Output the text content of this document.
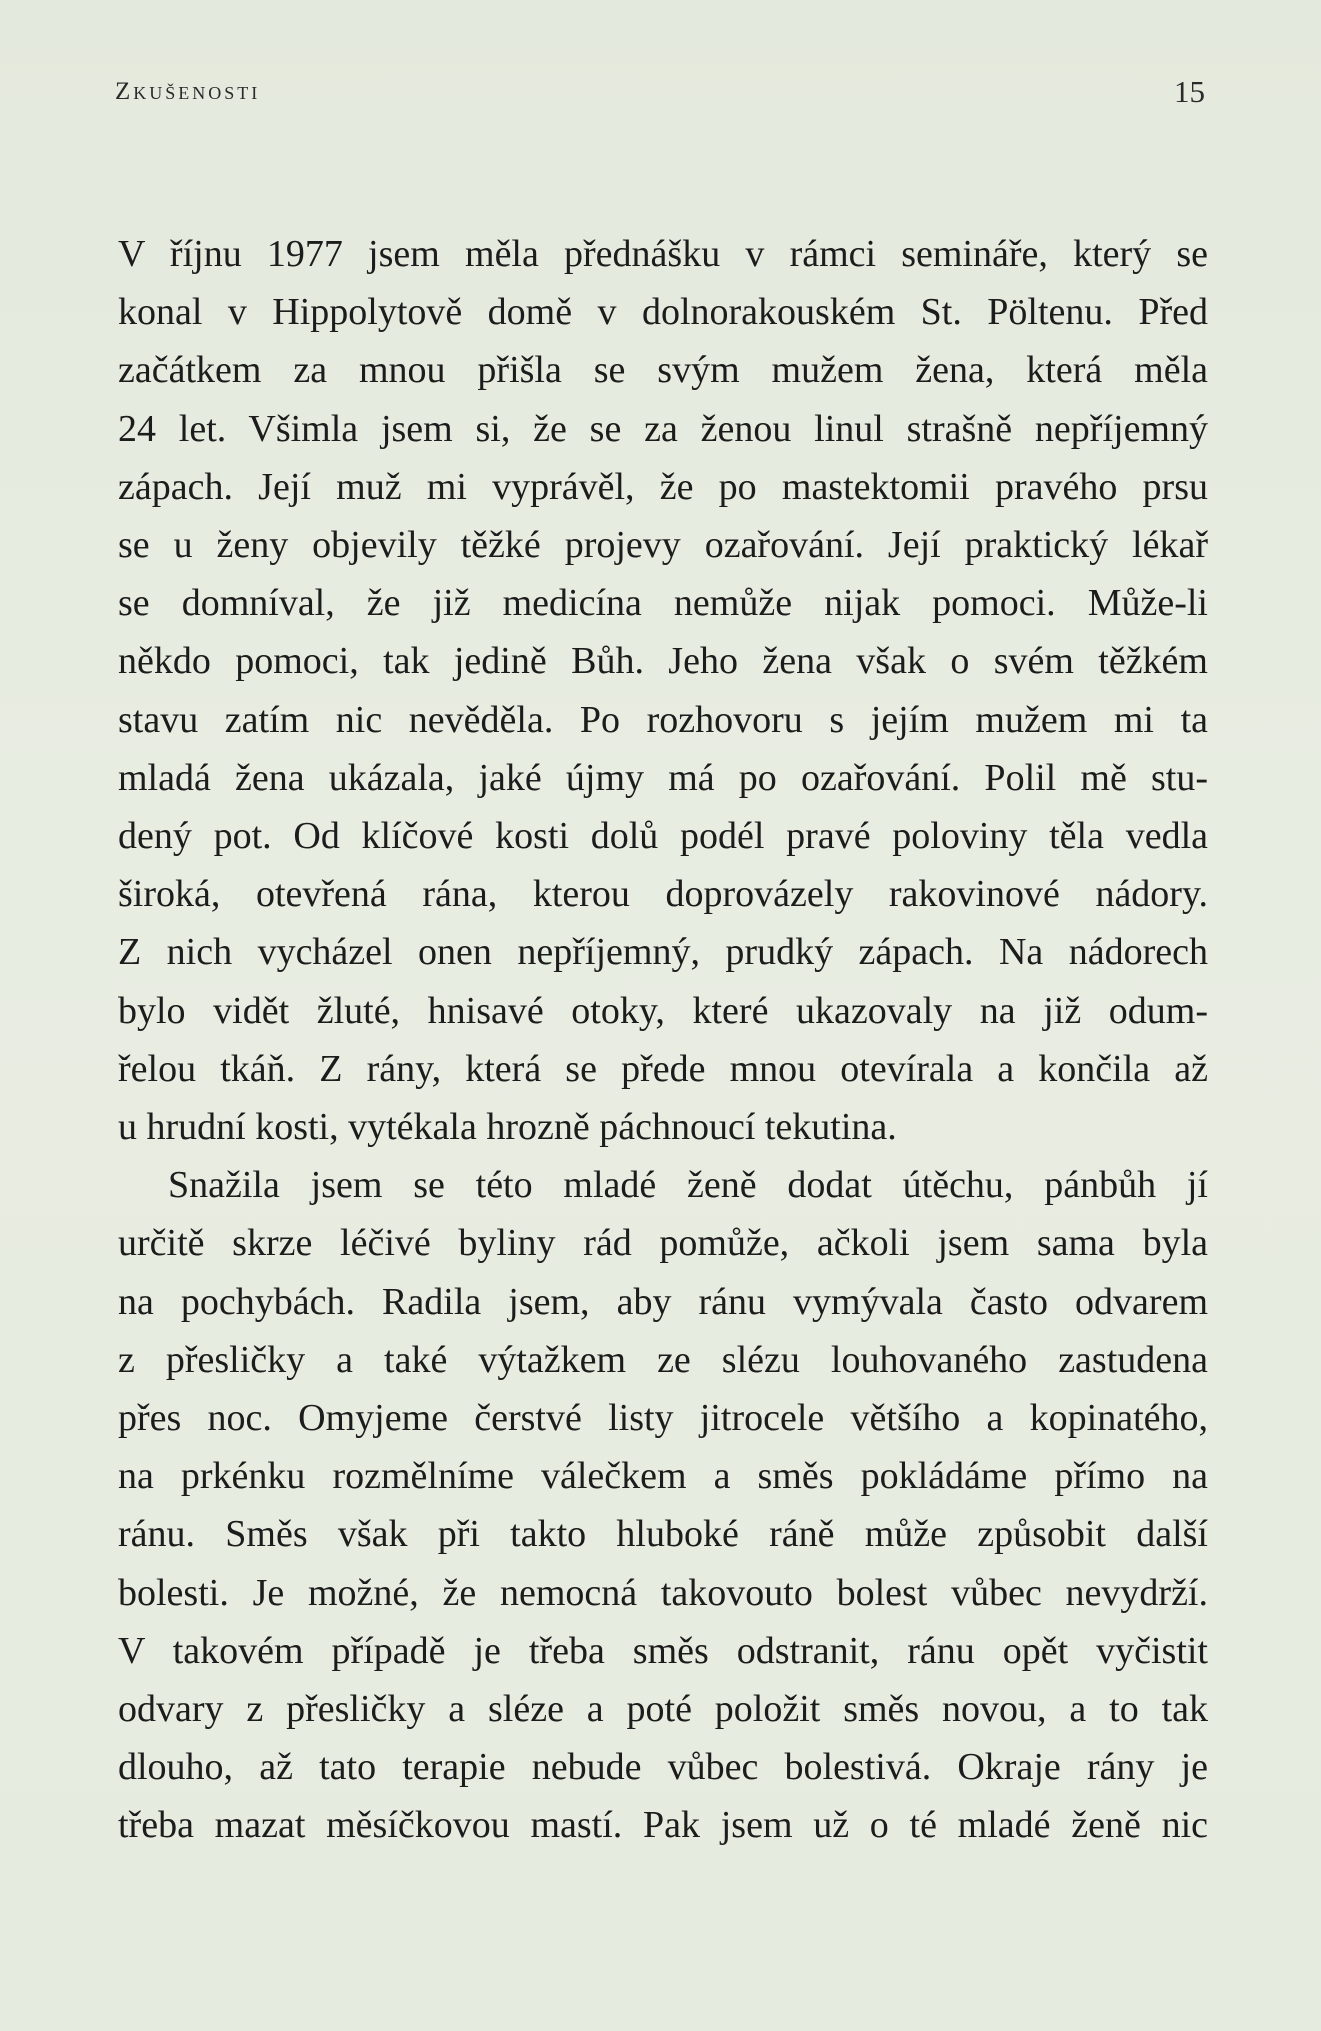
Zkušenosti	15

V říjnu 1977 jsem měla přednášku v rámci semináře, který se
konal v Hippolytově domě v dolnorakouském St. Pöltenu. Před
začátkem za mnou přišla se svým mužem žena, která měla
24 let. Všimla jsem si, že se za ženou linul strašně nepříjemný
zápach. Její muž mi vyprávěl, že po mastektomii pravého prsu
se u ženy objevily těžké projevy ozařování. Její praktický lékař
se domníval, že již medicína nemůže nijak pomoci. Může-li
někdo pomoci, tak jedině Bůh. Jeho žena však o svém těžkém
stavu zatím nic nevěděla. Po rozhovoru s jejím mužem mi ta
mladá žena ukázala, jaké újmy má po ozařování. Polil mě stu-
dený pot. Od klíčové kosti dolů podél pravé poloviny těla vedla
široká, otevřená rána, kterou doprovázely rakovinové nádory.
Z nich vycházel onen nepříjemný, prudký zápach. Na nádorech
bylo vidět žluté, hnisavé otoky, které ukazovaly na již odum-
řelou tkáň. Z rány, která se přede mnou otevírala a končila až
u hrudní kosti, vytékala hrozně páchnoucí tekutina.

Snažila jsem se této mladé ženě dodat útěchu, pánbůh jí
určitě skrze léčivé byliny rád pomůže, ačkoli jsem sama byla
na pochybách. Radila jsem, aby ránu vymývala často odvarem
z přesličky a také výtažkem ze slézu louhovaného zastudena
přes noc. Omyjeme čerstvé listy jitrocele většího a kopinatého,
na prkénku rozmělníme válečkem a směs pokládáme přímo na
ránu. Směs však při takto hluboké ráně může způsobit další
bolesti. Je možné, že nemocná takovouto bolest vůbec nevydrží.
V takovém případě je třeba směs odstranit, ránu opět vyčistit
odvary z přesličky a sléze a poté položit směs novou, a to tak
dlouho, až tato terapie nebude vůbec bolestivá. Okraje rány je
třeba mazat měsíčkovou mastí. Pak jsem už o té mladé ženě nic
